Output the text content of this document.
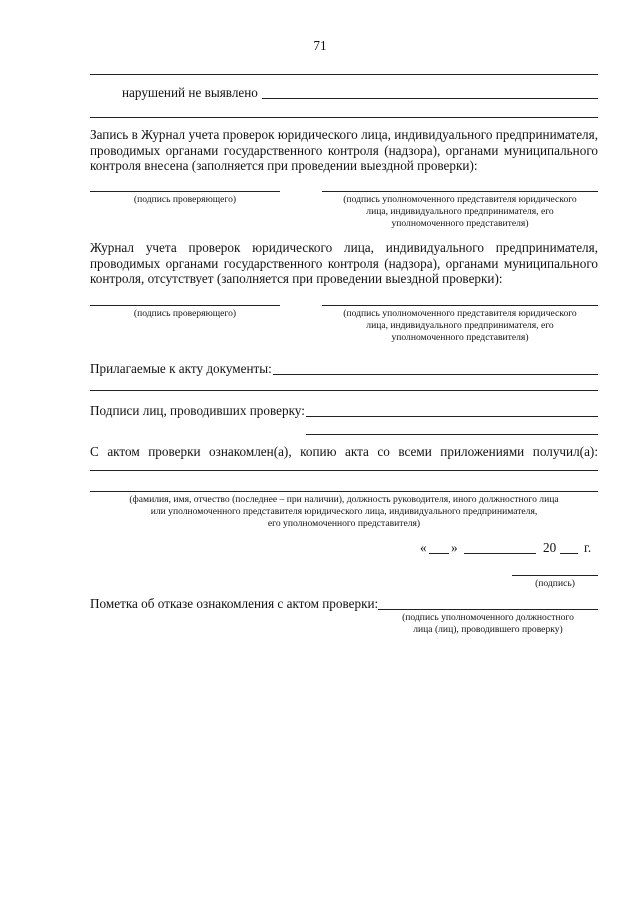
71
нарушений не выявлено
Запись в Журнал учета проверок юридического лица, индивидуального предпринимателя,
проводимых органами государственного контроля (надзора), органами муниципального
контроля внесена (заполняется при проведении выездной проверки):
(подпись проверяющего)	(подпись уполномоченного представителя юридического
лица, индивидуального предпринимателя, его
уполномоченного представителя)
Журнал учета проверок юридического лица, индивидуального предпринимателя,
проводимых органами государственного контроля (надзора), органами муниципального
контроля, отсутствует (заполняется при проведении выездной проверки):
(подпись проверяющего)	(подпись уполномоченного представителя юридического
лица, индивидуального предпринимателя, его
уполномоченного представителя)
Прилагаемые к акту документы:
Подписи лиц, проводивших проверку:
С актом проверки ознакомлен(а), копию акта со всеми приложениями получил(а):
(фамилия, имя, отчество (последнее – при наличии), должность руководителя, иного должностного лица
или уполномоченного представителя юридического лица, индивидуального предпринимателя,
его уполномоченного представителя)
« »	20 г.
(подпись)
Пометка об отказе ознакомления с актом проверки:
(подпись уполномоченного должностного
лица (лиц), проводившего проверку)
